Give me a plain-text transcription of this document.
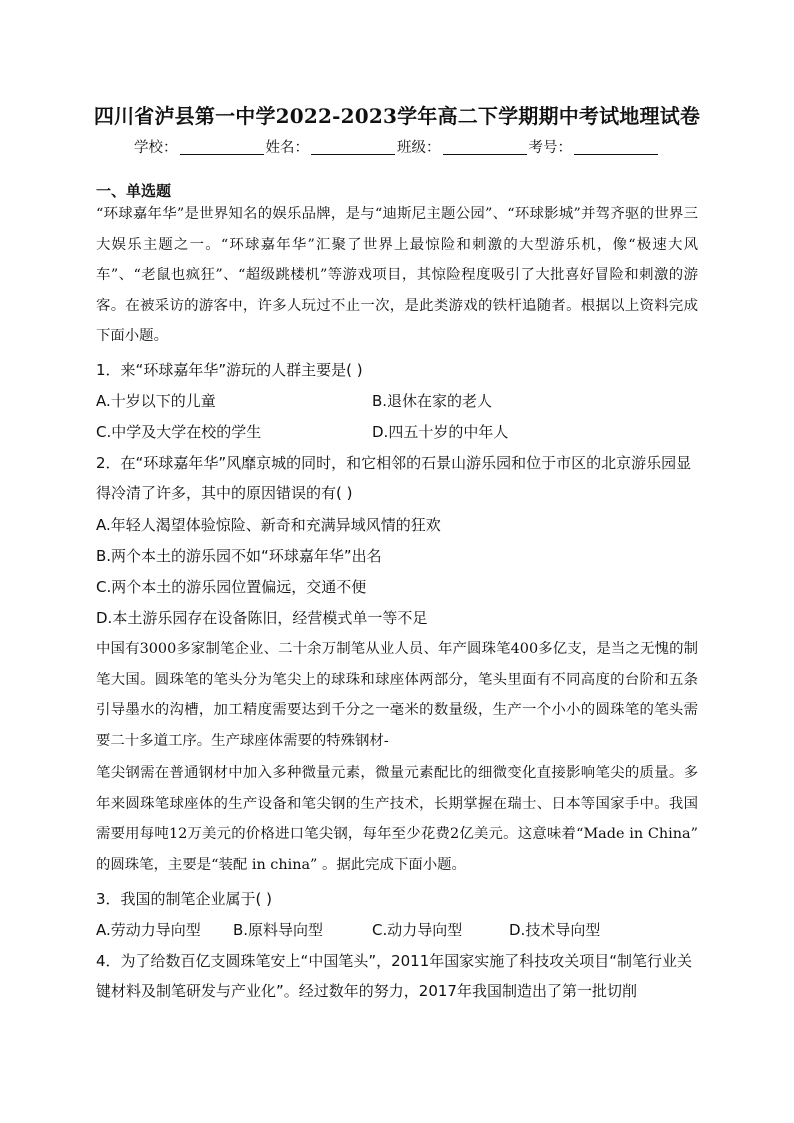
四川省泸县第一中学2022-2023学年高二下学期期中考试地理试卷
学校：	姓名：	班级：	考号：
一、单选题
“环球嘉年华”是世界知名的娱乐品牌，是与“迪斯尼主题公园”、“环球影城”并驾齐驱的世界三大娱乐主题之一。“环球嘉年华”汇聚了世界上最惊险和刺激的大型游乐机，像“极速大风车”、“老鼠也疯狂”、“超级跳楼机”等游戏项目，其惊险程度吸引了大批喜好冒险和刺激的游客。在被采访的游客中，许多人玩过不止一次，是此类游戏的铁杆追随者。根据以上资料完成下面小题。
1．来“环球嘉年华”游玩的人群主要是( )
A.十岁以下的儿童	B.退休在家的老人
C.中学及大学在校的学生	D.四五十岁的中年人
2．在“环球嘉年华”风靡京城的同时，和它相邻的石景山游乐园和位于市区的北京游乐园显得冷清了许多，其中的原因错误的有( )
A.年轻人渴望体验惊险、新奇和充满异域风情的狂欢
B.两个本土的游乐园不如“环球嘉年华”出名
C.两个本土的游乐园位置偏远，交通不便
D.本土游乐园存在设备陈旧，经营模式单一等不足
中国有3000多家制笔企业、二十余万制笔从业人员、年产圆珠笔400多亿支，是当之无愧的制笔大国。圆珠笔的笔头分为笔尖上的球珠和球座体两部分，笔头里面有不同高度的台阶和五条引导墨水的沟槽，加工精度需要达到千分之一毫米的数量级，生产一个小小的圆珠笔的笔头需要二十多道工序。生产球座体需要的特殊钢材-
笔尖钢需在普通钢材中加入多种微量元素，微量元素配比的细微变化直接影响笔尖的质量。多年来圆珠笔球座体的生产设备和笔尖钢的生产技术，长期掌握在瑞士、日本等国家手中。我国需要用每吨12万美元的价格进口笔尖钢，每年至少花费2亿美元。这意味着“Made in China” 的圆珠笔，主要是“装配 in china” 。据此完成下面小题。
3．我国的制笔企业属于( )
A.劳动力导向型 B.原料导向型	C.动力导向型	D.技术导向型
4．为了给数百亿支圆珠笔安上“中国笔头”，2011年国家实施了科技攻关项目“制笔行业关键材料及制笔研发与产业化”。经过数年的努力，2017年我国制造出了第一批切削
